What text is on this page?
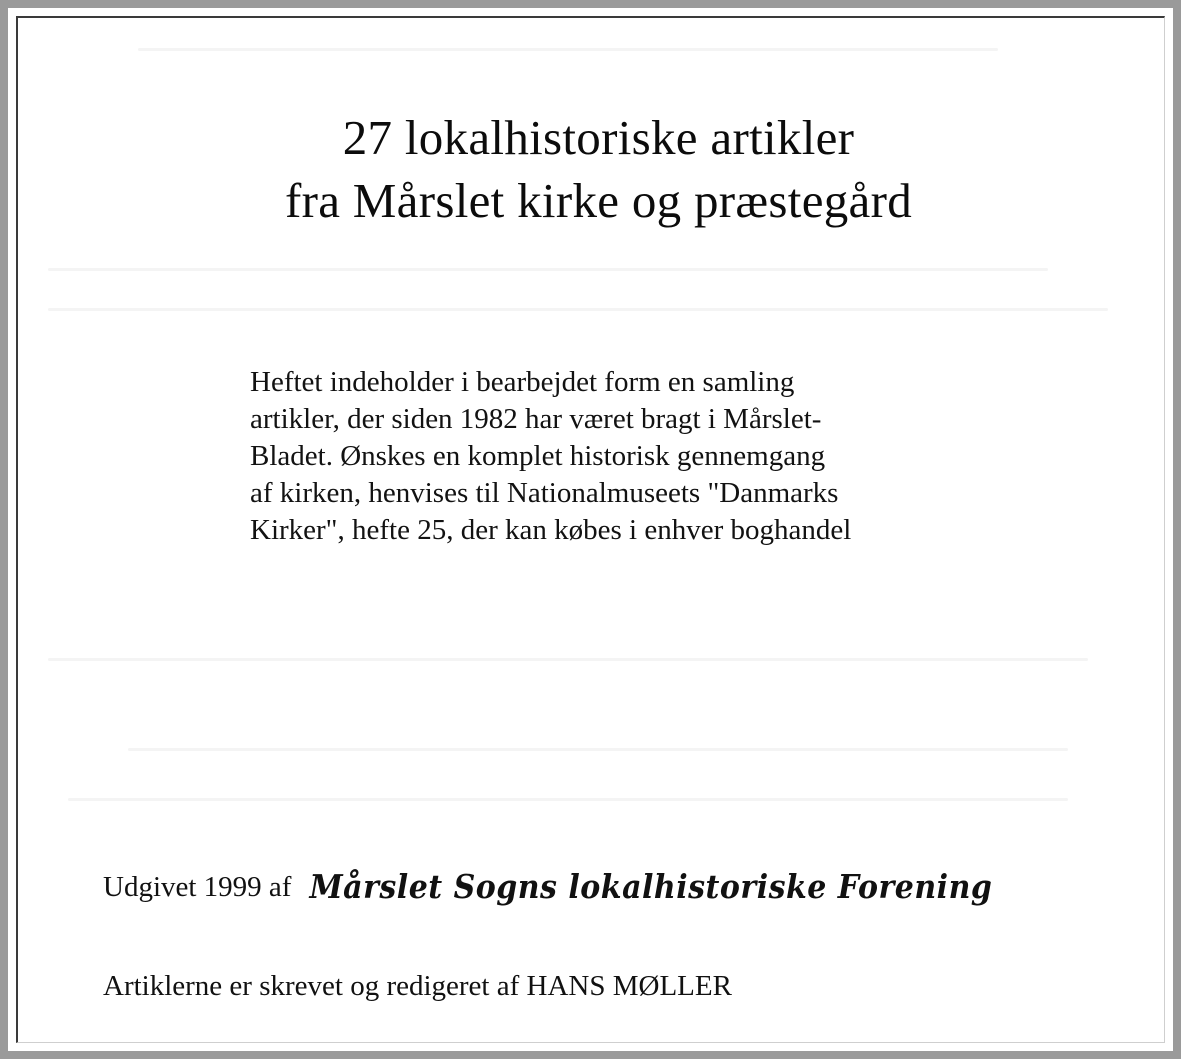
27 lokalhistoriske artikler
fra Mårslet kirke og præstegård
Heftet indeholder i bearbejdet form en samling
artikler, der siden 1982 har været bragt i Mårslet-
Bladet. Ønskes en komplet historisk gennemgang
af kirken, henvises til Nationalmuseets "Danmarks
Kirker", hefte 25, der kan købes i enhver boghandel
Udgivet 1999 af Mårslet Sogns lokalhistoriske Forening
Artiklerne er skrevet og redigeret af HANS MØLLER
